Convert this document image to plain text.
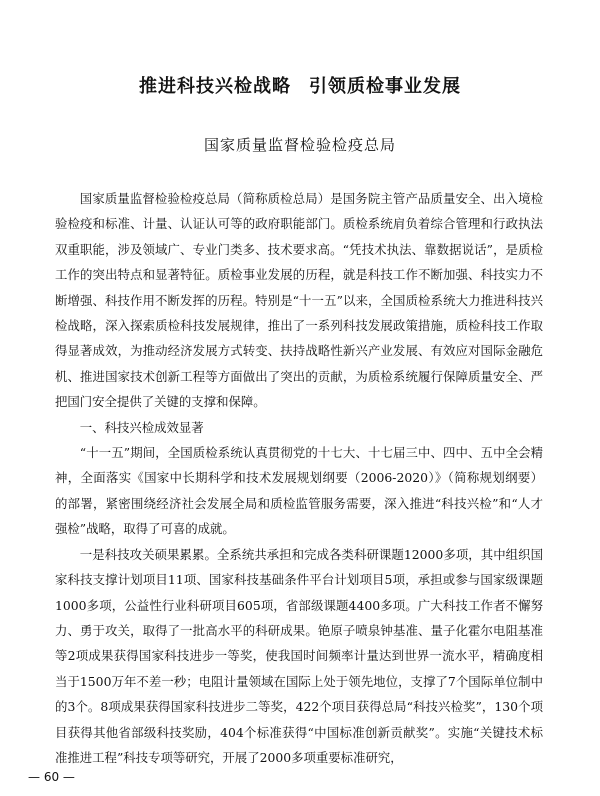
推进科技兴检战略 引领质检事业发展
国家质量监督检验检疫总局

国家质量监督检验检疫总局（简称质检总局）是国务院主管产品质量安全、出入境检验检疫和标准、计量、认证认可等的政府职能部门。质检系统肩负着综合管理和行政执法双重职能，涉及领域广、专业门类多、技术要求高。“凭技术执法、靠数据说话”，是质检工作的突出特点和显著特征。质检事业发展的历程，就是科技工作不断加强、科技实力不断增强、科技作用不断发挥的历程。特别是“十一五”以来，全国质检系统大力推进科技兴检战略，深入探索质检科技发展规律，推出了一系列科技发展政策措施，质检科技工作取得显著成效，为推动经济发展方式转变、扶持战略性新兴产业发展、有效应对国际金融危机、推进国家技术创新工程等方面做出了突出的贡献，为质检系统履行保障质量安全、严把国门安全提供了关键的支撑和保障。

一、科技兴检成效显著

“十一五”期间，全国质检系统认真贯彻党的十七大、十七届三中、四中、五中全会精神，全面落实《国家中长期科学和技术发展规划纲要（2006-2020）》（简称规划纲要）的部署，紧密围绕经济社会发展全局和质检监管服务需要，深入推进“科技兴检”和“人才强检”战略，取得了可喜的成就。

一是科技攻关硕果累累。全系统共承担和完成各类科研课题12000多项，其中组织国家科技支撑计划项目11项、国家科技基础条件平台计划项目5项，承担或参与国家级课题1000多项，公益性行业科研项目605项，省部级课题4400多项。广大科技工作者不懈努力、勇于攻关，取得了一批高水平的科研成果。铯原子喷泉钟基准、量子化霍尔电阻基准等2项成果获得国家科技进步一等奖，使我国时间频率计量达到世界一流水平，精确度相当于1500万年不差一秒；电阻计量领域在国际上处于领先地位，支撑了7个国际单位制中的3个。8项成果获得国家科技进步二等奖，422个项目获得总局“科技兴检奖”，130个项目获得其他省部级科技奖励，404个标准获得“中国标准创新贡献奖”。实施“关键技术标准推进工程”科技专项等研究，开展了2000多项重要标准研究，

— 60 —
